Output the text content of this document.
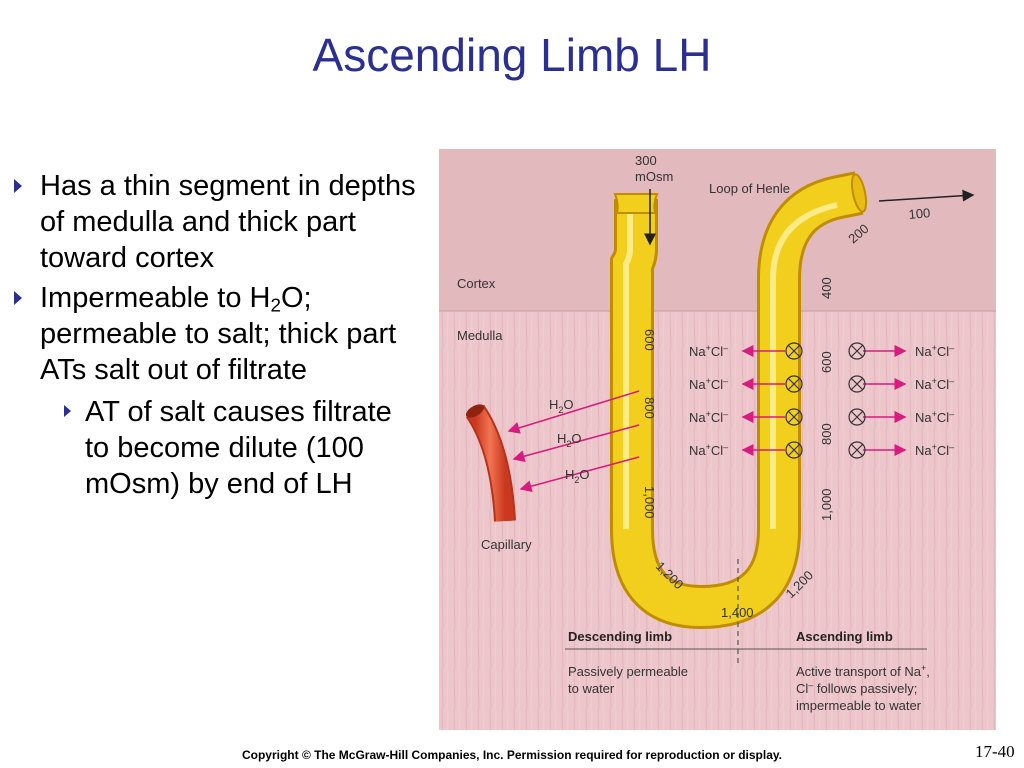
Ascending Limb LH
Has a thin segment in depths of medulla and thick part toward cortex
Impermeable to $H_2O$; permeable to salt; thick part ATs salt out of filtrate
AT of salt causes filtrate to become dilute (100 mOsm) by end of LH
300
mOsm
Loop of Henle
Cortex
Medulla	600
800
1,000
1,200
100
200
400
600
800
1,000
1,200
1,400
Capillary
$H_2O$
$H_2O$
$H_2O$
Na+Cl–
Na+Cl–
Na+Cl–
Na+Cl–
Na+Cl–
Na+Cl–
Na+Cl–
Na+Cl–
Descending limb	Ascending limb
Passively permeable
to water
Active transport of Na+,
Cl– follows passively;
impermeable to water
Copyright © The McGraw-Hill Companies, Inc. Permission required for reproduction or display.	17-40
